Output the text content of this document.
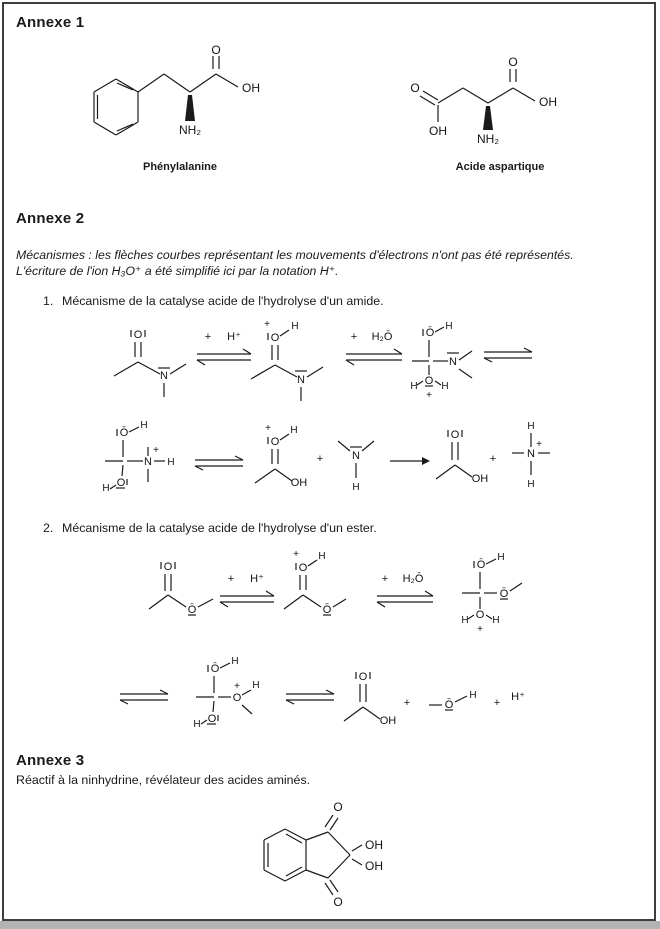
Annexe 1
O
OH
NH₂
Phénylalanine
O
OH
O
OH
NH₂
Acide aspartique
Annexe 2
Mécanismes : les flèches courbes représentant les mouvements d'électrons n'ont pas été représentés.
L'écriture de l'ion H₃O⁺ a été simplifié ici par la notation H⁺.
1. Mécanisme de la catalyse acide de l'hydrolyse d'un amide.
O
N
+ H⁺
+
O
H
N
+ H₂Ō	Ō
H
N
O
H H
+
Ō
H
N
+
H
O
H
+
O
H
OH
+	N
H
O
OH
+
H
N
+
H
2. Mécanisme de la catalyse acide de l'hydrolyse d'un ester.
O
Ō
+ H⁺
+
O
H
Ō
+ H₂Ō
Ō
H
Ō
O
H H
+
Ō
H
O
+ H
O
H
O
OH
+	Ō
H
+ H⁺
Annexe 3
Réactif à la ninhydrine, révélateur des acides aminés.
O
O
OH
OH
